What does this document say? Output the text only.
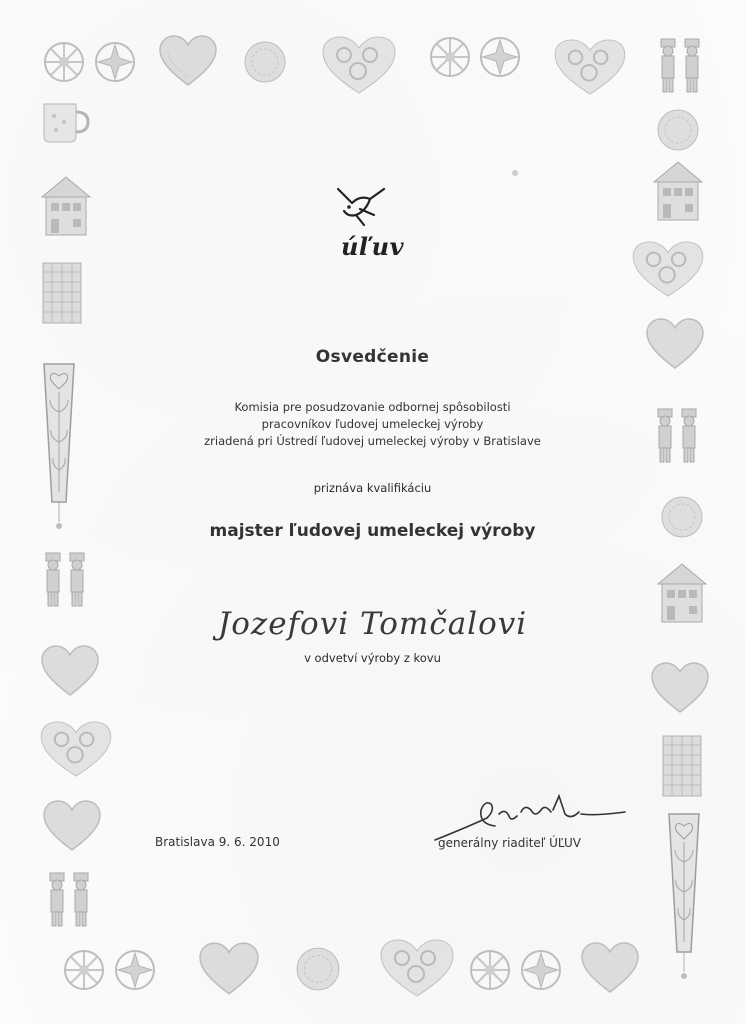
úľuv
Osvedčenie
Komisia pre posudzovanie odbornej spôsobilosti
pracovníkov ľudovej umeleckej výroby
zriadená pri Ústredí ľudovej umeleckej výroby v Bratislave
priznáva kvalifikáciu
majster ľudovej umeleckej výroby
Jozefovi Tomčalovi
v odvetví výroby z kovu
Bratislava 9. 6. 2010	generálny riaditeľ ÚĽUV
